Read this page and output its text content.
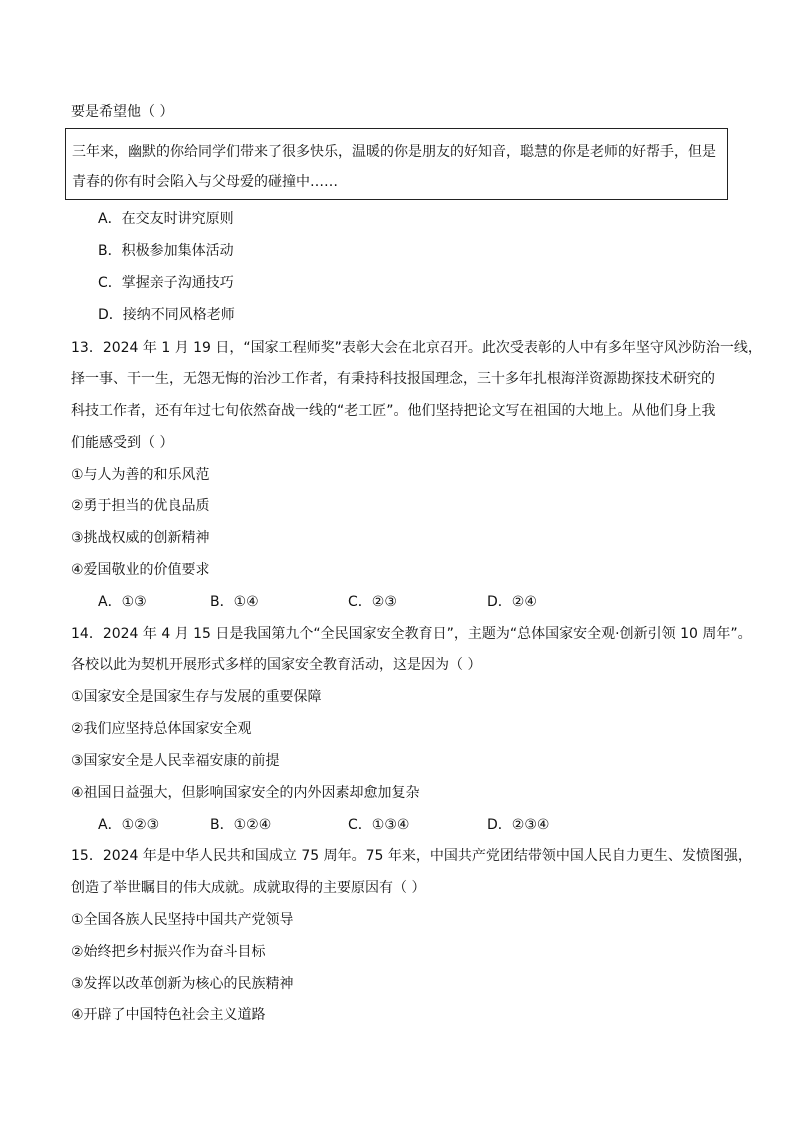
要是希望他（ ）
三年来，幽默的你给同学们带来了很多快乐，温暖的你是朋友的好知音，聪慧的你是老师的好帮手，但是
青春的你有时会陷入与父母爱的碰撞中……
A．在交友时讲究原则
B．积极参加集体活动
C．掌握亲子沟通技巧
D．接纳不同风格老师
13．2024 年 1 月 19 日，“国家工程师奖”表彰大会在北京召开。此次受表彰的人中有多年坚守风沙防治一线，
择一事、干一生，无怨无悔的治沙工作者，有秉持科技报国理念，三十多年扎根海洋资源勘探技术研究的
科技工作者，还有年过七旬依然奋战一线的“老工匠”。他们坚持把论文写在祖国的大地上。从他们身上我
们能感受到（ ）
①与人为善的和乐风范
②勇于担当的优良品质
③挑战权威的创新精神
④爱国敬业的价值要求
A．①③	B．①④	C．②③	D．②④
14．2024 年 4 月 15 日是我国第九个“全民国家安全教育日”，主题为“总体国家安全观·创新引领 10 周年”。
各校以此为契机开展形式多样的国家安全教育活动，这是因为（ ）
①国家安全是国家生存与发展的重要保障
②我们应坚持总体国家安全观
③国家安全是人民幸福安康的前提
④祖国日益强大，但影响国家安全的内外因素却愈加复杂
A．①②③	B．①②④	C．①③④	D．②③④
15．2024 年是中华人民共和国成立 75 周年。75 年来，中国共产党团结带领中国人民自力更生、发愤图强，
创造了举世瞩目的伟大成就。成就取得的主要原因有（ ）
①全国各族人民坚持中国共产党领导
②始终把乡村振兴作为奋斗目标
③发挥以改革创新为核心的民族精神
④开辟了中国特色社会主义道路
